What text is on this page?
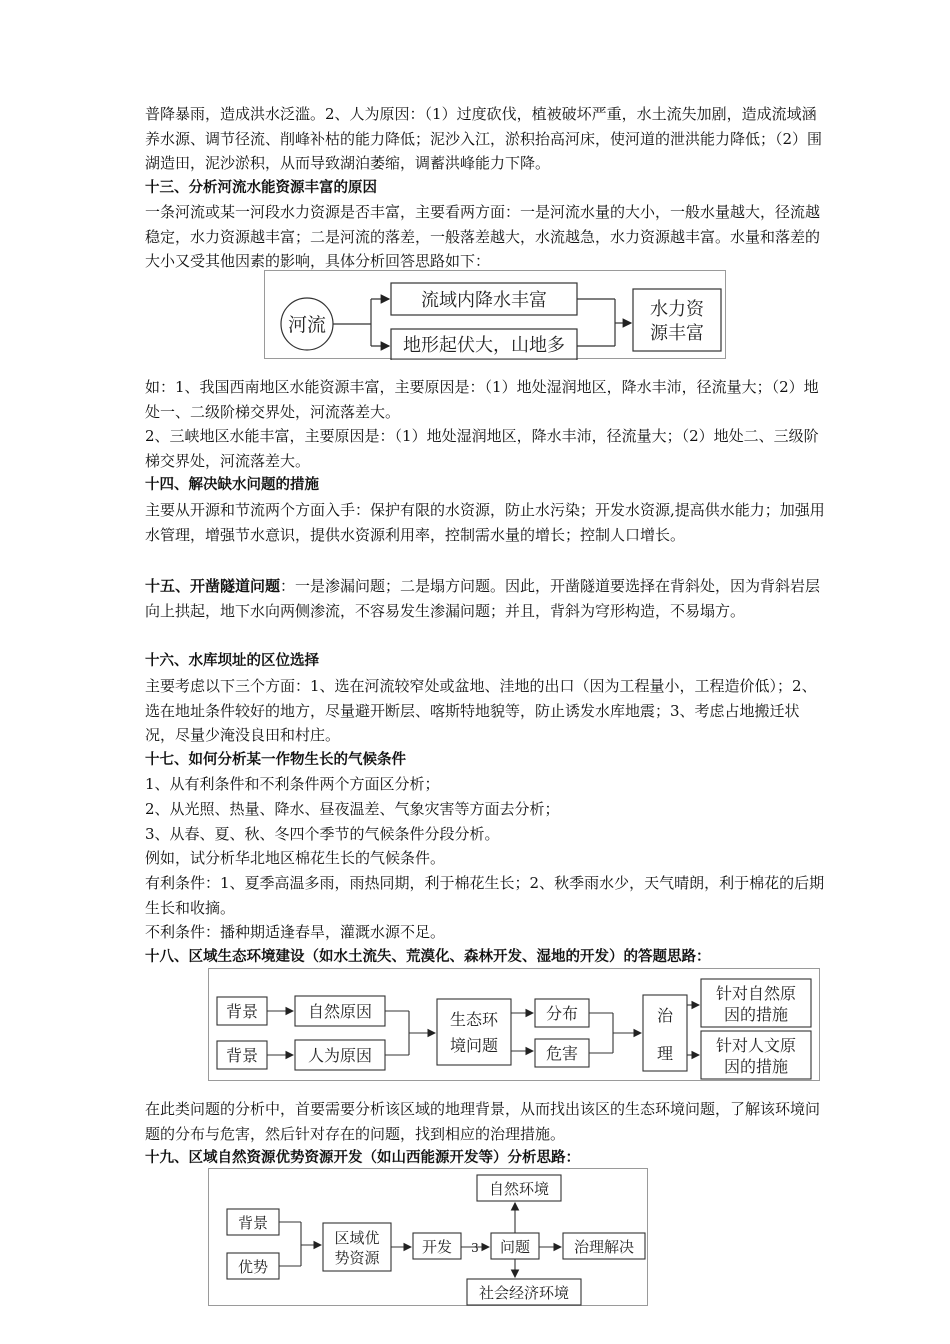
普降暴雨，造成洪水泛滥。2、人为原因：（1）过度砍伐，植被破坏严重，水土流失加剧，造成流域涵养水源、调节径流、削峰补枯的能力降低；泥沙入江，淤积抬高河床，使河道的泄洪能力降低；（2）围湖造田，泥沙淤积，从而导致湖泊萎缩，调蓄洪峰能力下降。

十三、分析河流水能资源丰富的原因

一条河流或某一河段水力资源是否丰富，主要看两方面：一是河流水量的大小，一般水量越大，径流越稳定，水力资源越丰富；二是河流的落差，一般落差越大，水流越急，水力资源越丰富。水量和落差的大小又受其他因素的影响，具体分析回答思路如下：

河流
流域内降水丰富
地形起伏大，山地多
水力资
源丰富

如：1、我国西南地区水能资源丰富，主要原因是：（1）地处湿润地区，降水丰沛，径流量大；（2）地处一、二级阶梯交界处，河流落差大。

2、三峡地区水能丰富，主要原因是：（1）地处湿润地区，降水丰沛，径流量大；（2）地处二、三级阶梯交界处，河流落差大。

十四、解决缺水问题的措施

主要从开源和节流两个方面入手：保护有限的水资源，防止水污染；开发水资源,提高供水能力；加强用水管理，增强节水意识，提供水资源利用率，控制需水量的增长；控制人口增长。

十五、开凿隧道问题：一是渗漏问题；二是塌方问题。因此，开凿隧道要选择在背斜处，因为背斜岩层向上拱起，地下水向两侧渗流，不容易发生渗漏问题；并且，背斜为穹形构造，不易塌方。

十六、水库坝址的区位选择

主要考虑以下三个方面：1、选在河流较窄处或盆地、洼地的出口（因为工程量小，工程造价低）；2、选在地址条件较好的地方，尽量避开断层、喀斯特地貌等，防止诱发水库地震；3、考虑占地搬迁状况，尽量少淹没良田和村庄。

十七、如何分析某一作物生长的气候条件

1、从有利条件和不利条件两个方面区分析；

2、从光照、热量、降水、昼夜温差、气象灾害等方面去分析；

3、从春、夏、秋、冬四个季节的气候条件分段分析。

例如，试分析华北地区棉花生长的气候条件。

有利条件：1、夏季高温多雨，雨热同期，利于棉花生长；2、秋季雨水少，天气晴朗，利于棉花的后期生长和收摘。

不利条件：播种期适逢春旱，灌溉水源不足。

十八、区域生态环境建设（如水土流失、荒漠化、森林开发、湿地的开发）的答题思路：

背景
背景
自然原因
人为原因
生态环
境问题
分布
危害
治
理
针对自然原
因的措施
针对人文原
因的措施

在此类问题的分析中，首要需要分析该区域的地理背景，从而找出该区的生态环境问题，了解该环境问题的分布与危害，然后针对存在的问题，找到相应的治理措施。

十九、区域自然资源优势资源开发（如山西能源开发等）分析思路：

自然环境
背景
优势
区域优
势资源
开发 3 问题	治理解决
社会经济环境
